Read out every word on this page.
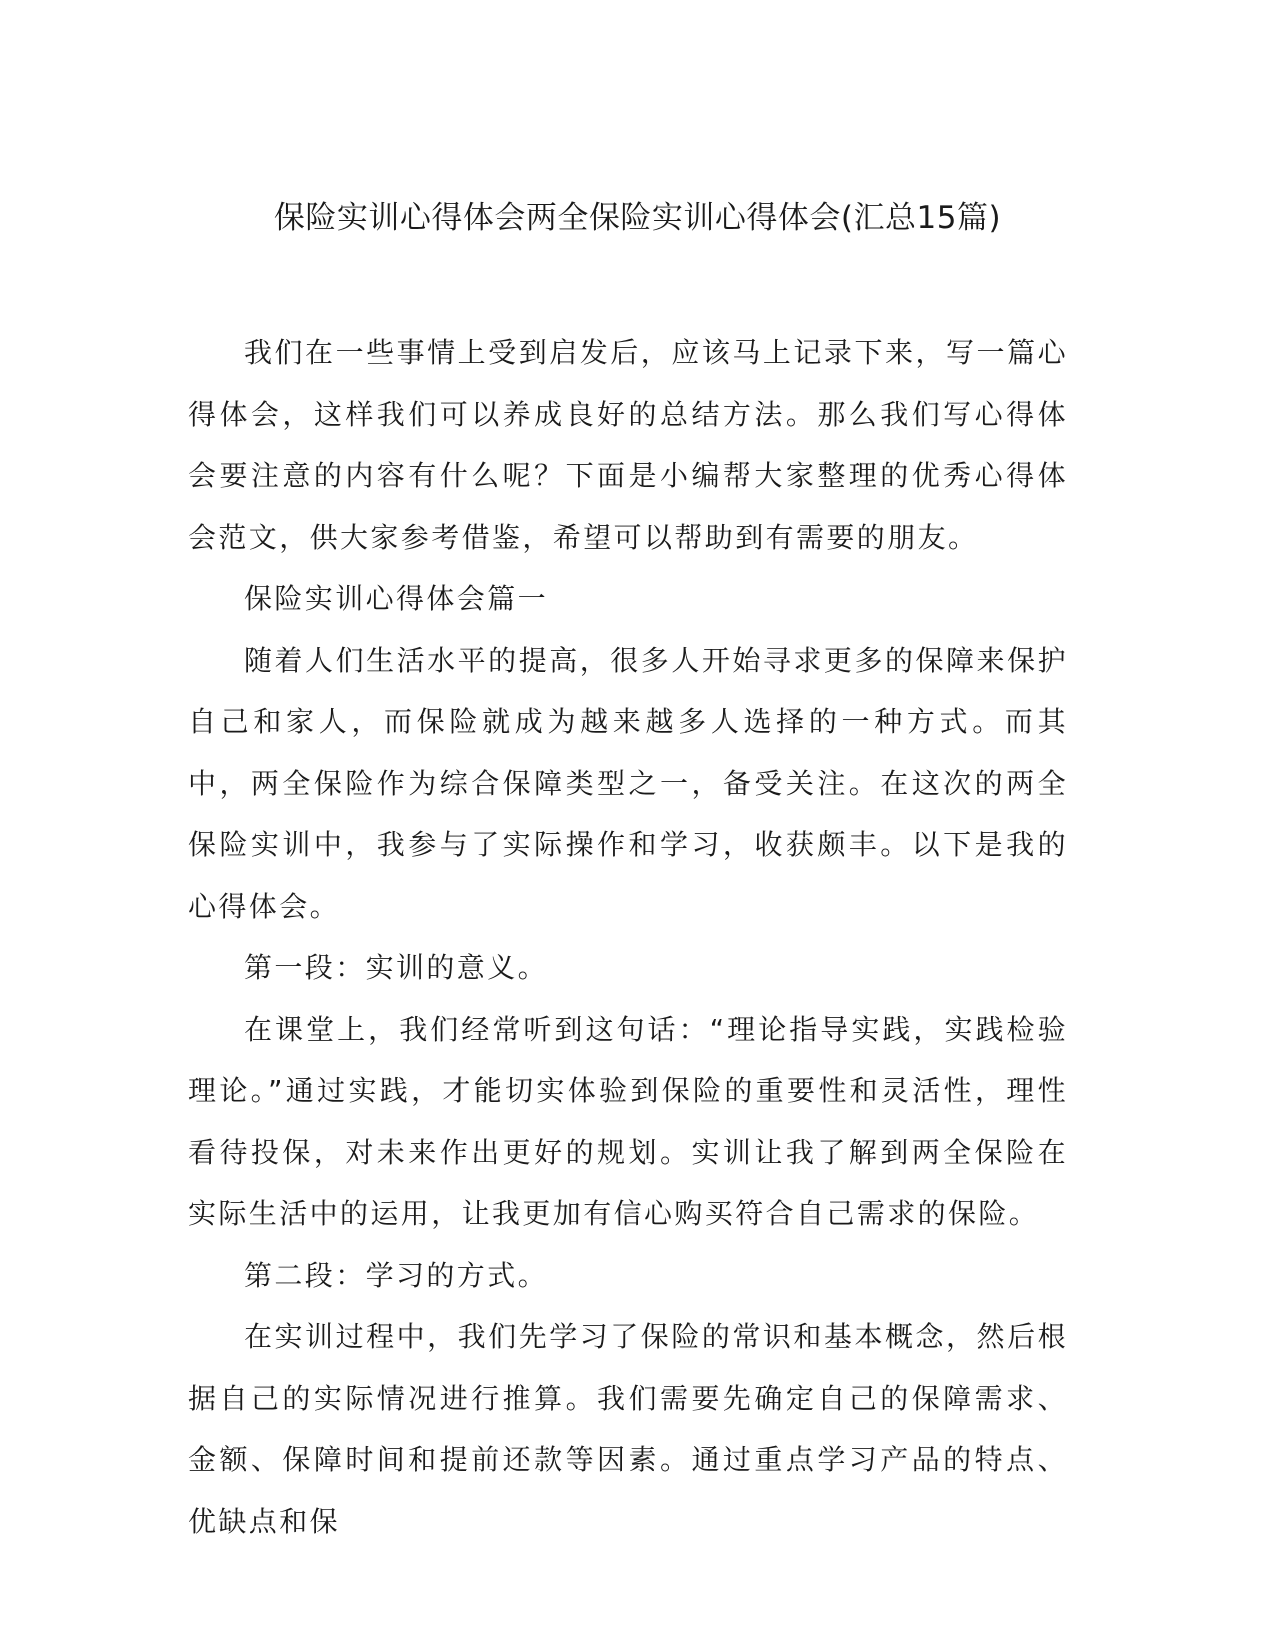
保险实训心得体会两全保险实训心得体会(汇总15篇)

我们在一些事情上受到启发后，应该马上记录下来，写一篇心得体会，这样我们可以养成良好的总结方法。那么我们写心得体会要注意的内容有什么呢？下面是小编帮大家整理的优秀心得体会范文，供大家参考借鉴，希望可以帮助到有需要的朋友。

保险实训心得体会篇一

随着人们生活水平的提高，很多人开始寻求更多的保障来保护自己和家人，而保险就成为越来越多人选择的一种方式。而其中，两全保险作为综合保障类型之一，备受关注。在这次的两全保险实训中，我参与了实际操作和学习，收获颇丰。以下是我的心得体会。

第一段：实训的意义。

在课堂上，我们经常听到这句话：“理论指导实践，实践检验理论。”通过实践，才能切实体验到保险的重要性和灵活性，理性看待投保，对未来作出更好的规划。实训让我了解到两全保险在实际生活中的运用，让我更加有信心购买符合自己需求的保险。

第二段：学习的方式。

在实训过程中，我们先学习了保险的常识和基本概念，然后根据自己的实际情况进行推算。我们需要先确定自己的保障需求、金额、保障时间和提前还款等因素。通过重点学习产品的特点、优缺点和保
